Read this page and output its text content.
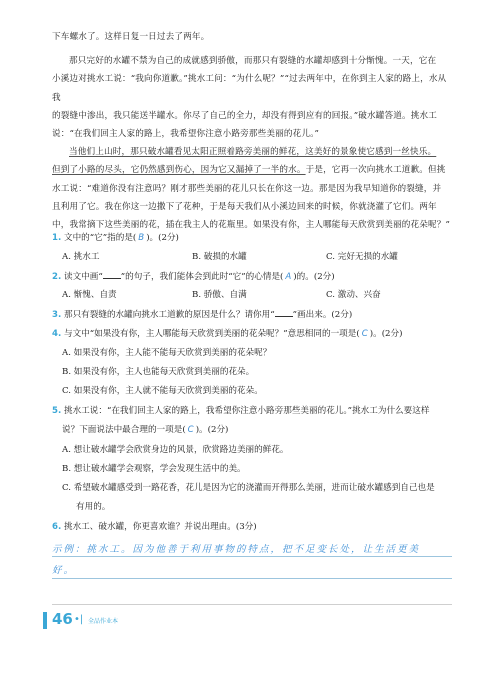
下车螺水了。这样日复一日过去了两年。

那只完好的水罐不禁为自己的成就感到骄傲，而那只有裂缝的水罐却感到十分惭愧。一天，它在

小溪边对挑水工说：“我向你道歉。”挑水工问：“为什么呢？”“过去两年中，在你到主人家的路上，水从我

的裂缝中渗出，我只能送半罐水。你尽了自己的全力，却没有得到应有的回报。”破水罐答道。挑水工

说：“在我们回主人家的路上，我希望你注意小路旁那些美丽的花儿。”

当他们上山时，那只破水罐看见太阳正照着路旁美丽的鲜花，这美好的景象使它感到一丝快乐。

但到了小路的尽头，它仍然感到伤心，因为它又漏掉了一半的水。于是，它再一次向挑水工道歉。但挑

水工说：“难道你没有注意吗？刚才那些美丽的花儿只长在你这一边。那是因为我早知道你的裂缝，并

且利用了它。我在你这一边撒下了花种，于是每天我们从小溪边回来的时候，你就浇灌了它们。两年

中，我常摘下这些美丽的花，插在我主人的花瓶里。如果没有你，主人哪能每天欣赏到美丽的花朵呢？”

1. 文中的“它”指的是( B )。(2分)
A. 挑水工	B. 破损的水罐	C. 完好无损的水罐
2. 读文中画“ ”的句子，我们能体会到此时“它”的心情是( A )的。(2分)
A. 惭愧、自责	B. 骄傲、自满	C. 激动、兴奋
3. 那只有裂缝的水罐向挑水工道歉的原因是什么？请你用“ ”画出来。(2分)
4. 与文中“如果没有你，主人哪能每天欣赏到美丽的花朵呢？”意思相同的一项是( C )。(2分)
A. 如果没有你，主人能不能每天欣赏到美丽的花朵呢？
B. 如果没有你，主人也能每天欣赏到美丽的花朵。
C. 如果没有你，主人就不能每天欣赏到美丽的花朵。
5. 挑水工说：“在我们回主人家的路上，我希望你注意小路旁那些美丽的花儿。”挑水工为什么要这样
说？下面说法中最合理的一项是( C )。(2分)
A. 想让破水罐学会欣赏身边的风景，欣赏路边美丽的鲜花。
B. 想让破水罐学会观察，学会发现生活中的美。
C. 希望破水罐感受到一路花香，花儿是因为它的浇灌而开得那么美丽，进而让破水罐感到自己也是
有用的。
6. 挑水工、破水罐，你更喜欢谁？并说出理由。(3分)
示例：挑水工。因为他善于利用事物的特点，把不足变长处，让生活更美
好。
46 •| 全品作业本
